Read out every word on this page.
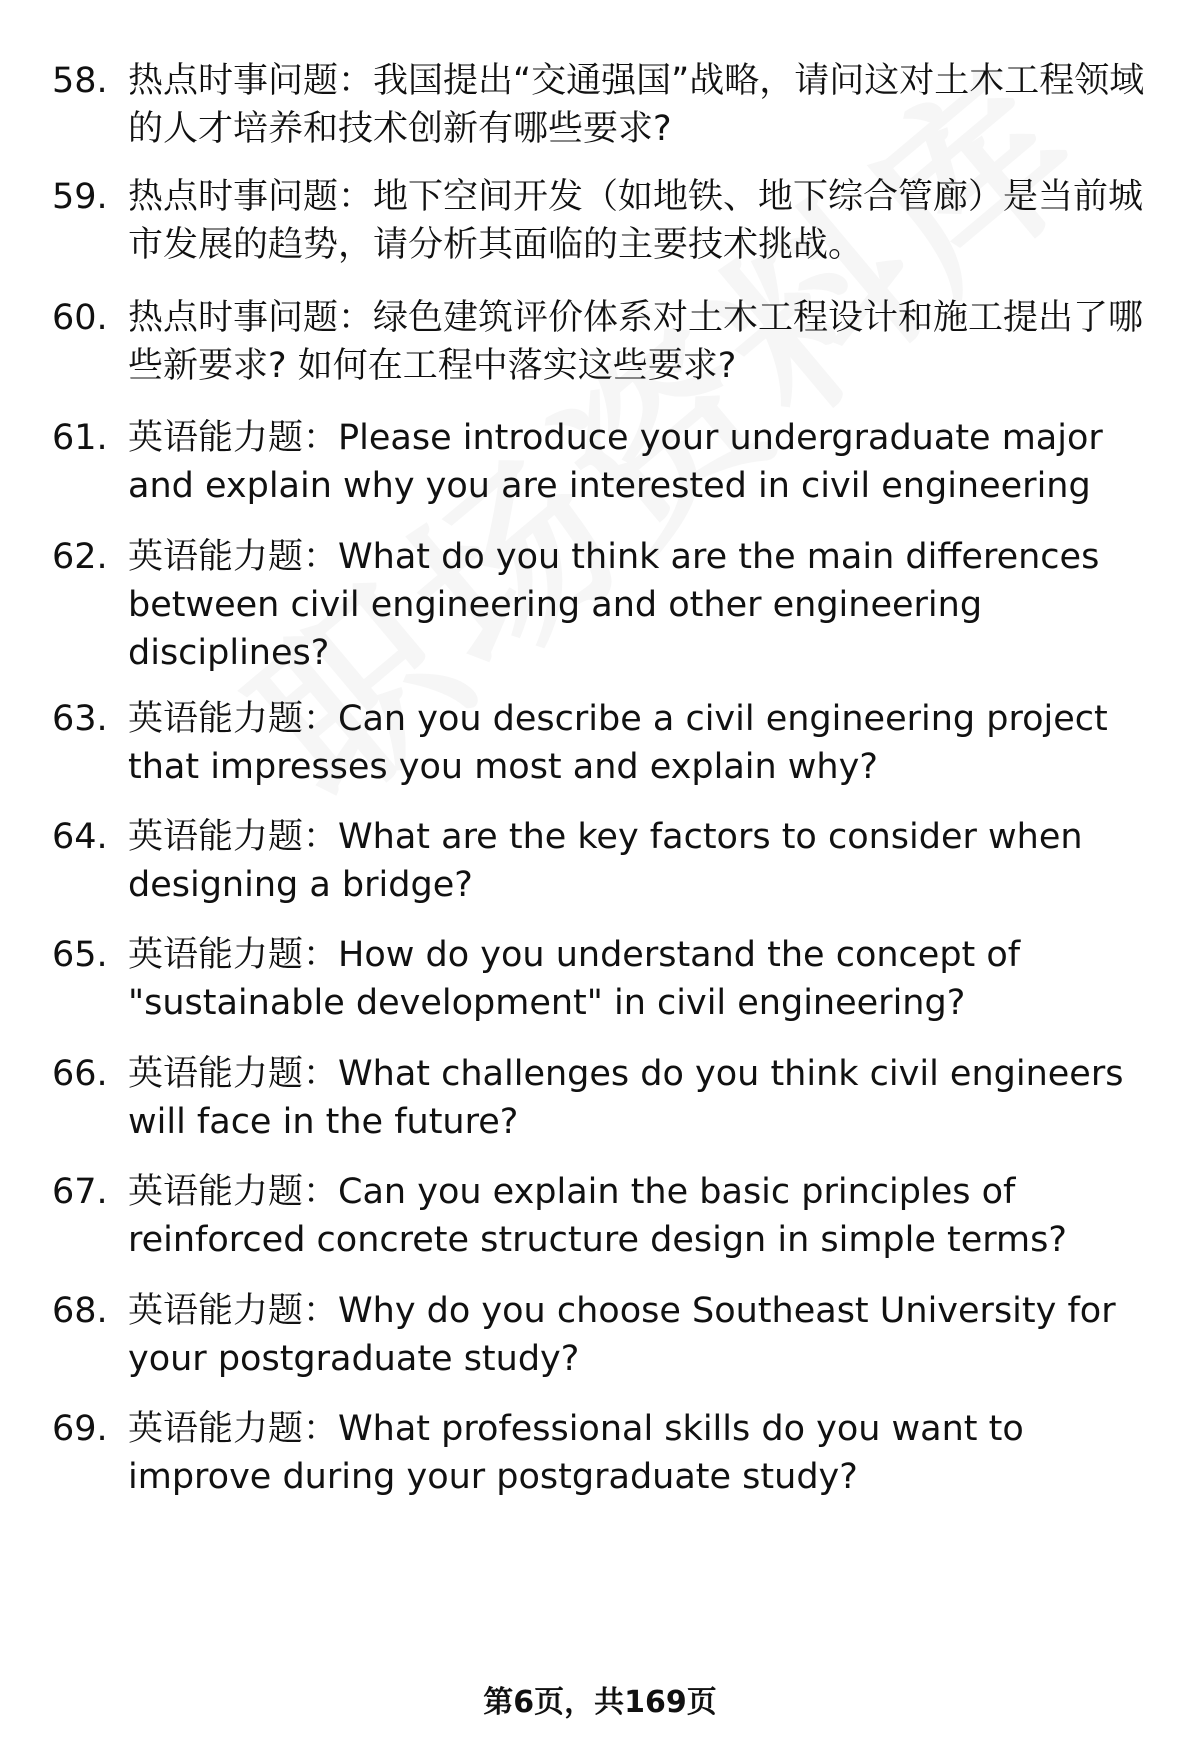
58. 热点时事问题：我国提出“交通强国”战略，请问这对土木工程领域的人才培养和技术创新有哪些要求?
59. 热点时事问题：地下空间开发（如地铁、地下综合管廊）是当前城市发展的趋势，请分析其面临的主要技术挑战。
60. 热点时事问题：绿色建筑评价体系对土木工程设计和施工提出了哪些新要求? 如何在工程中落实这些要求?
61. 英语能力题：Please introduce your undergraduate major and explain why you are interested in civil engineering
62. 英语能力题：What do you think are the main differences between civil engineering and other engineering disciplines?
63. 英语能力题：Can you describe a civil engineering project that impresses you most and explain why?
64. 英语能力题：What are the key factors to consider when designing a bridge?
65. 英语能力题：How do you understand the concept of "sustainable development" in civil engineering?
66. 英语能力题：What challenges do you think civil engineers will face in the future?
67. 英语能力题：Can you explain the basic principles of reinforced concrete structure design in simple terms?
68. 英语能力题：Why do you choose Southeast University for your postgraduate study?
69. 英语能力题：What professional skills do you want to improve during your postgraduate study?
第6页，共169页
